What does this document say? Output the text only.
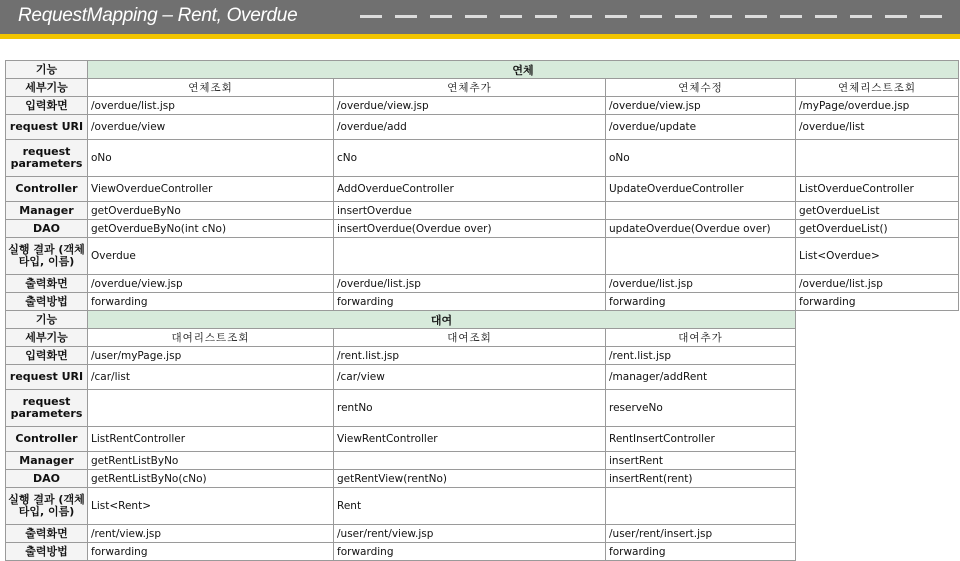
RequestMapping – Rent, Overdue
기능	연체			
세부기능	연체조회	연체추가	연체수정	연체리스트조회
입력화면	/overdue/list.jsp	/overdue/view.jsp	/overdue/view.jsp	/myPage/overdue.jsp
request URI	/overdue/view	/overdue/add	/overdue/update	/overdue/list
request parameters	oNo	cNo	oNo	
Controller	ViewOverdueController	AddOverdueController	UpdateOverdueController	ListOverdueController
Manager	getOverdueByNo	insertOverdue		getOverdueList
DAO	getOverdueByNo(int cNo)	insertOverdue(Overdue over)	updateOverdue(Overdue over)	getOverdueList()
실행 결과 (객체타입, 이름)	Overdue			List<Overdue>
출력화면	/overdue/view.jsp	/overdue/list.jsp	/overdue/list.jsp	/overdue/list.jsp
출력방법	forwarding	forwarding	forwarding	forwarding
기능	대여			
세부기능	대여리스트조회	대여조회	대여추가	
입력화면	/user/myPage.jsp	/rent.list.jsp	/rent.list.jsp	
request URI	/car/list	/car/view	/manager/addRent	
request parameters		rentNo	reserveNo	
Controller	ListRentController	ViewRentController	RentInsertController	
Manager	getRentListByNo		insertRent	
DAO	getRentListByNo(cNo)	getRentView(rentNo)	insertRent(rent)	
실행 결과 (객체타입, 이름)	List<Rent>	Rent		
출력화면	/rent/view.jsp	/user/rent/view.jsp	/user/rent/insert.jsp	
출력방법	forwarding	forwarding	forwarding	
